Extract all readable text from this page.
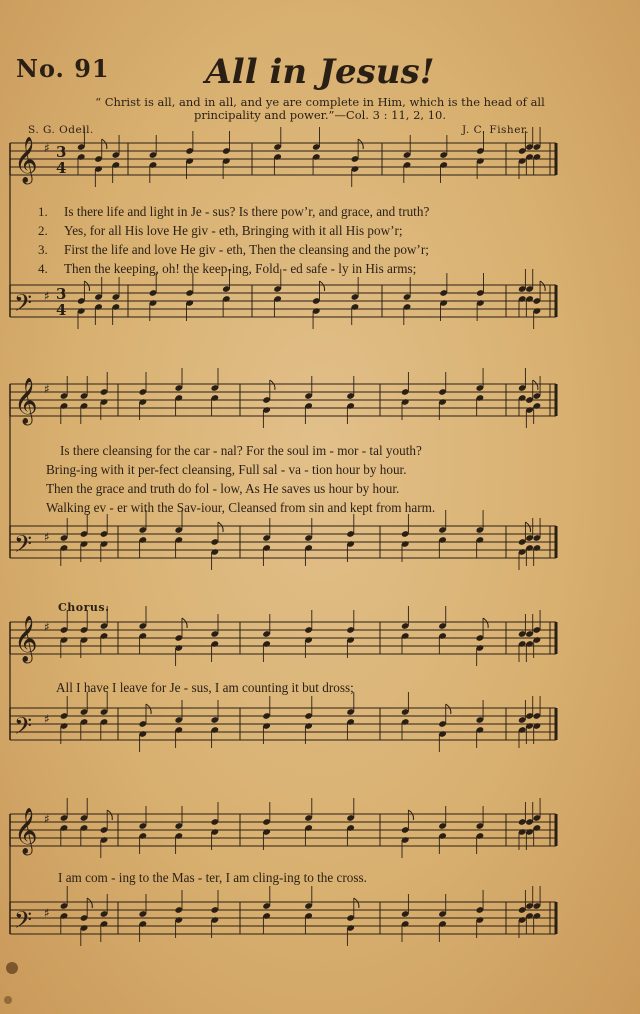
No. 91	All in Jesus!
“ Christ is all, and in all, and ye are complete in Him, which is the head of all
principality and power.”—Col. 3 : 11, 2, 10.
S. G. Odell.	J. C. Fisher.
𝄞 ♯ 3
4
𝄢 ♯ 3
4
𝄞 ♯
𝄢 ♯
𝄞 ♯
𝄢 ♯
𝄞 ♯
𝄢 ♯
1. Is there life and light in Je - sus? Is there pow’r, and grace, and truth?
2. Yes, for all His love He giv - eth, Bringing with it all His pow’r;
3. First the life and love He giv - eth, Then the cleansing and the pow’r;
4. Then the keeping, oh! the keep-ing, Fold - ed safe - ly in His arms;
Is there cleansing for the car - nal? For the soul im - mor - tal youth?
Bring-ing with it per-fect cleansing, Full sal - va - tion hour by hour.
Then the grace and truth do fol - low, As He saves us hour by hour.
Walking ev - er with the Sav-iour, Cleansed from sin and kept from harm.
Chorus.
All I have I leave for Je - sus, I am counting it but dross;
I am com - ing to the Mas - ter, I am cling-ing to the cross.
